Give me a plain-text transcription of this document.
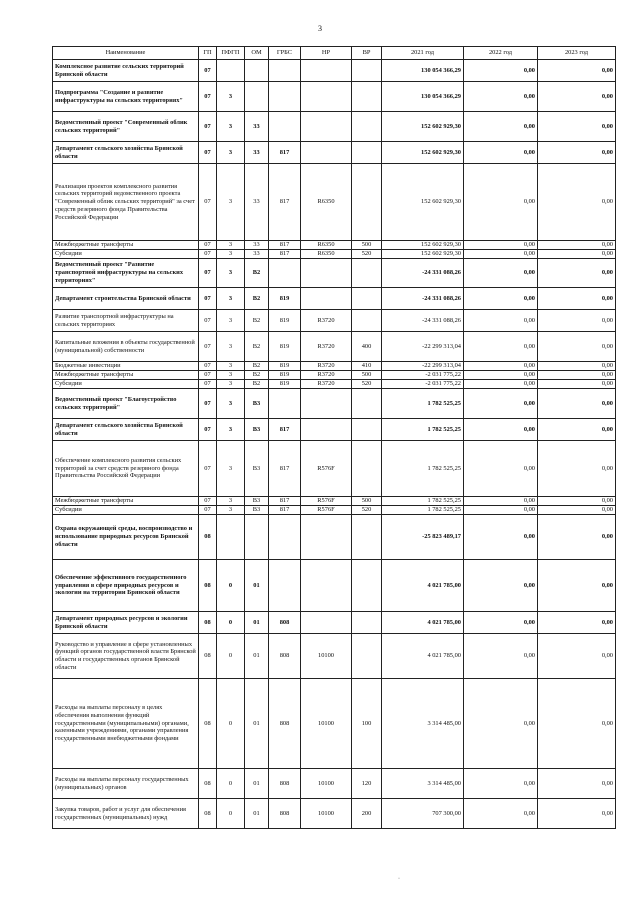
3
Наименование	ГП	ПФГП	ОМ	ГРБС	НР	ВР	2021 год	2022 год	2023 год
Комплексное развитие сельских территорий Брянской области	07						130 054 366,29	0,00	0,00
Подпрограмма "Создание и развитие инфраструктуры на сельских территориях"	07	3					130 054 366,29	0,00	0,00
Ведомственный проект "Современный облик сельских территорий"	07	3	33				152 602 929,30	0,00	0,00
Департамент сельского хозяйства Брянской области	07	3	33	817			152 602 929,30	0,00	0,00
Реализация проектов комплексного развития сельских территорий ведомственного проекта "Современный облик сельских территорий" за счет средств резервного фонда Правительства Российской Федерации	07	3	33	817	R6350		152 602 929,30	0,00	0,00
Межбюджетные трансферты	07	3	33	817	R6350	500	152 602 929,30	0,00	0,00
Субсидии	07	3	33	817	R6350	520	152 602 929,30	0,00	0,00
Ведомственный проект "Развитие транспортной инфраструктуры на сельских территориях"	07	3	В2				-24 331 088,26	0,00	0,00
Департамент строительства Брянской области	07	3	В2	819			-24 331 088,26	0,00	0,00
Развитие транспортной инфраструктуры на сельских территориях	07	3	В2	819	R3720		-24 331 088,26	0,00	0,00
Капитальные вложения в объекты государственной (муниципальной) собственности	07	3	В2	819	R3720	400	-22 299 313,04	0,00	0,00
Бюджетные инвестиции	07	3	В2	819	R3720	410	-22 299 313,04	0,00	0,00
Межбюджетные трансферты	07	3	В2	819	R3720	500	-2 031 775,22	0,00	0,00
Субсидии	07	3	В2	819	R3720	520	-2 031 775,22	0,00	0,00
Ведомственный проект "Благоустройство сельских территорий"	07	3	В3				1 782 525,25	0,00	0,00
Департамент сельского хозяйства Брянской области	07	3	В3	817			1 782 525,25	0,00	0,00
Обеспечение комплексного развития сельских территорий за счет средств резервного фонда Правительства Российской Федерации	07	3	В3	817	R576F		1 782 525,25	0,00	0,00
Межбюджетные трансферты	07	3	В3	817	R576F	500	1 782 525,25	0,00	0,00
Субсидии	07	3	В3	817	R576F	520	1 782 525,25	0,00	0,00
Охрана окружающей среды, воспроизводство и использование природных ресурсов Брянской области	08						-25 823 489,17	0,00	0,00
Обеспечение эффективного государственного управления в сфере природных ресурсов и экологии на территории Брянской области	08	0	01				4 021 785,00	0,00	0,00
Департамент природных ресурсов и экологии Брянской области	08	0	01	808			4 021 785,00	0,00	0,00
Руководство и управление в сфере установленных функций органов государственной власти Брянской области и государственных органов Брянской области	08	0	01	808	10100		4 021 785,00	0,00	0,00
Расходы на выплаты персоналу в целях обеспечения выполнения функций государственными (муниципальными) органами, казенными учреждениями, органами управления государственными внебюджетными фондами	08	0	01	808	10100	100	3 314 485,00	0,00	0,00
Расходы на выплаты персоналу государственных (муниципальных) органов	08	0	01	808	10100	120	3 314 485,00	0,00	0,00
Закупка товаров, работ и услуг для обеспечения государственных (муниципальных) нужд	08	0	01	808	10100	200	707 300,00	0,00	0,00
·
